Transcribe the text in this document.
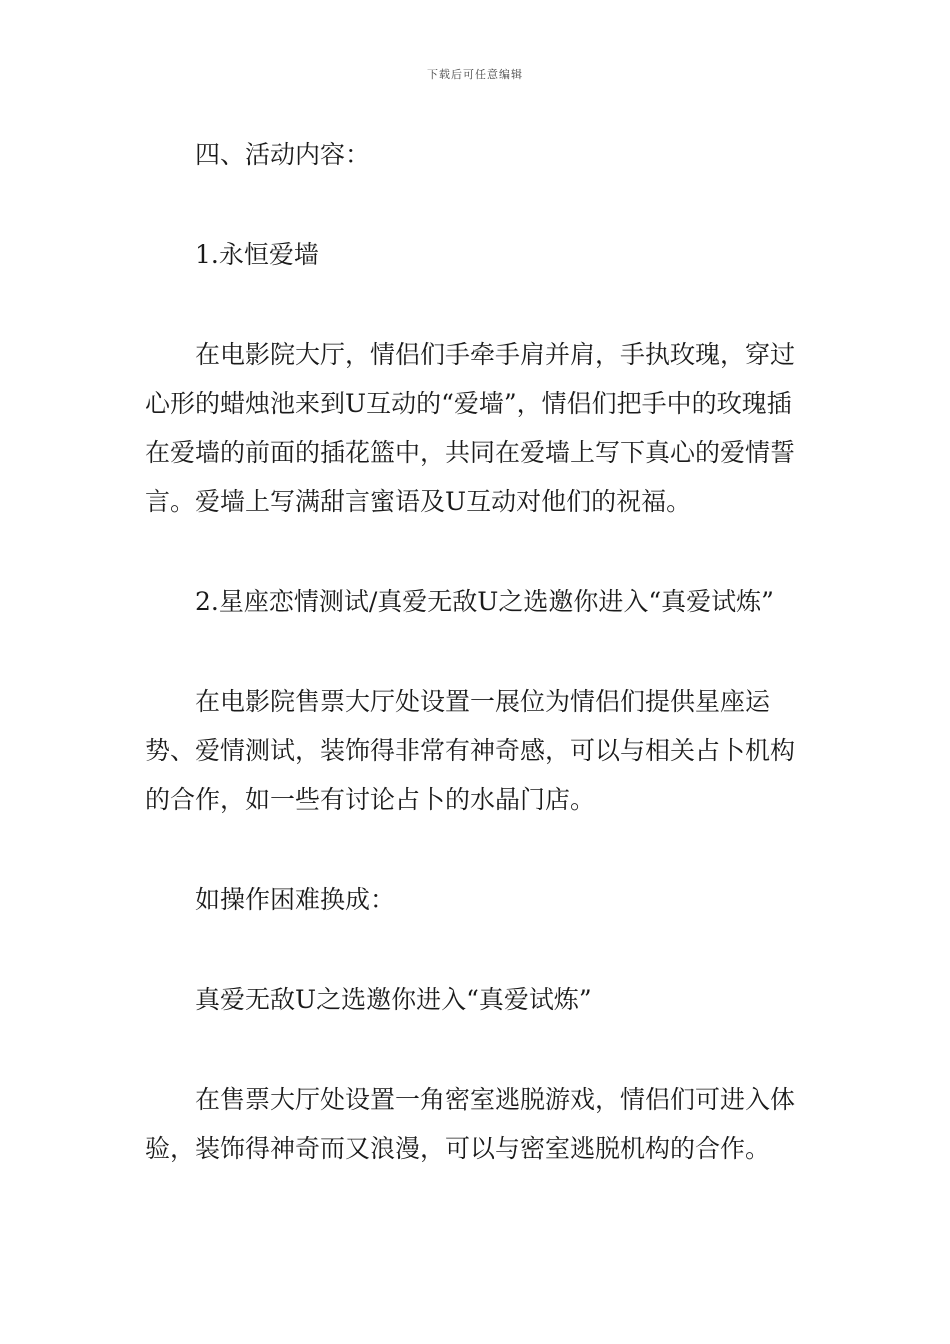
下载后可任意编辑

四、活动内容：

1.永恒爱墙

在电影院大厅，情侣们手牵手肩并肩，手执玫瑰，穿过心形的蜡烛池来到U互动的“爱墙”，情侣们把手中的玫瑰插在爱墙的前面的插花篮中，共同在爱墙上写下真心的爱情誓言。爱墙上写满甜言蜜语及U互动对他们的祝福。

2.星座恋情测试/真爱无敌U之选邀你进入“真爱试炼”

在电影院售票大厅处设置一展位为情侣们提供星座运势、爱情测试，装饰得非常有神奇感，可以与相关占卜机构的合作，如一些有讨论占卜的水晶门店。

如操作困难换成：

真爱无敌U之选邀你进入“真爱试炼”

在售票大厅处设置一角密室逃脱游戏，情侣们可进入体验，装饰得神奇而又浪漫，可以与密室逃脱机构的合作。
